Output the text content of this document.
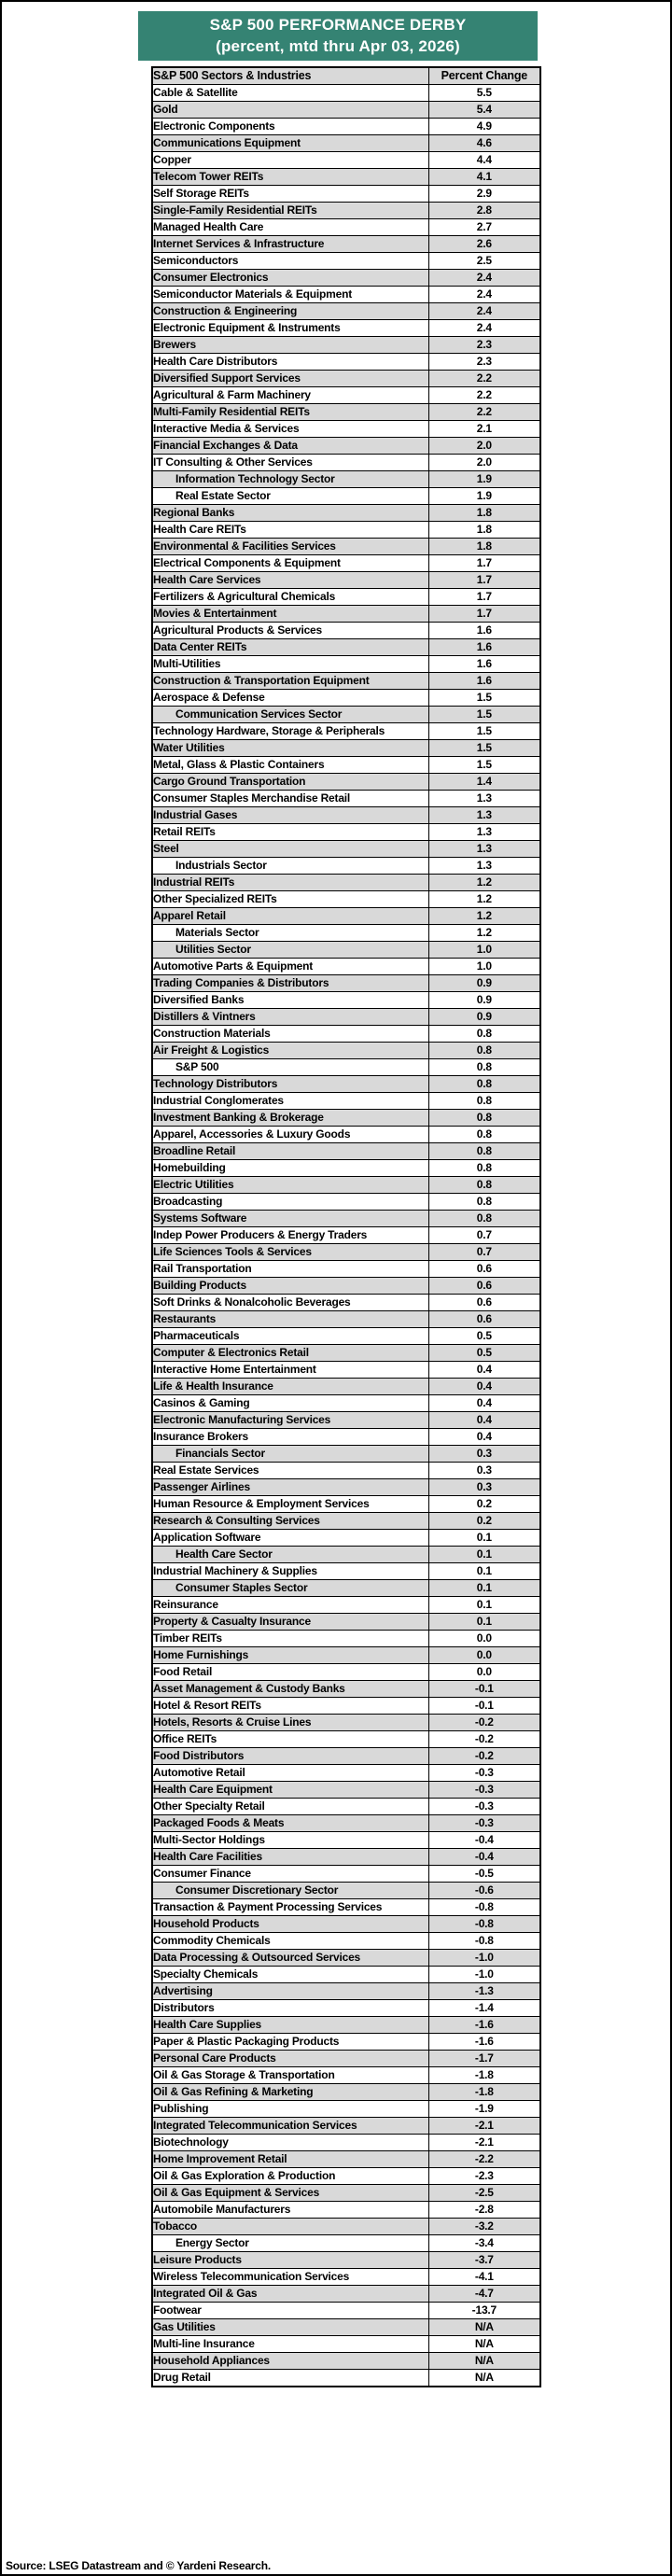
S&P 500 PERFORMANCE DERBY
(percent, mtd thru Apr 03, 2026)
S&P 500 Sectors & Industries	Percent Change
Cable & Satellite	5.5
Gold	5.4
Electronic Components	4.9
Communications Equipment	4.6
Copper	4.4
Telecom Tower REITs	4.1
Self Storage REITs	2.9
Single-Family Residential REITs	2.8
Managed Health Care	2.7
Internet Services & Infrastructure	2.6
Semiconductors	2.5
Consumer Electronics	2.4
Semiconductor Materials & Equipment	2.4
Construction & Engineering	2.4
Electronic Equipment & Instruments	2.4
Brewers	2.3
Health Care Distributors	2.3
Diversified Support Services	2.2
Agricultural & Farm Machinery	2.2
Multi-Family Residential REITs	2.2
Interactive Media & Services	2.1
Financial Exchanges & Data	2.0
IT Consulting & Other Services	2.0
Information Technology Sector	1.9
Real Estate Sector	1.9
Regional Banks	1.8
Health Care REITs	1.8
Environmental & Facilities Services	1.8
Electrical Components & Equipment	1.7
Health Care Services	1.7
Fertilizers & Agricultural Chemicals	1.7
Movies & Entertainment	1.7
Agricultural Products & Services	1.6
Data Center REITs	1.6
Multi-Utilities	1.6
Construction & Transportation Equipment	1.6
Aerospace & Defense	1.5
Communication Services Sector	1.5
Technology Hardware, Storage & Peripherals	1.5
Water Utilities	1.5
Metal, Glass & Plastic Containers	1.5
Cargo Ground Transportation	1.4
Consumer Staples Merchandise Retail	1.3
Industrial Gases	1.3
Retail REITs	1.3
Steel	1.3
Industrials Sector	1.3
Industrial REITs	1.2
Other Specialized REITs	1.2
Apparel Retail	1.2
Materials Sector	1.2
Utilities Sector	1.0
Automotive Parts & Equipment	1.0
Trading Companies & Distributors	0.9
Diversified Banks	0.9
Distillers & Vintners	0.9
Construction Materials	0.8
Air Freight & Logistics	0.8
S&P 500	0.8
Technology Distributors	0.8
Industrial Conglomerates	0.8
Investment Banking & Brokerage	0.8
Apparel, Accessories & Luxury Goods	0.8
Broadline Retail	0.8
Homebuilding	0.8
Electric Utilities	0.8
Broadcasting	0.8
Systems Software	0.8
Indep Power Producers & Energy Traders	0.7
Life Sciences Tools & Services	0.7
Rail Transportation	0.6
Building Products	0.6
Soft Drinks & Nonalcoholic Beverages	0.6
Restaurants	0.6
Pharmaceuticals	0.5
Computer & Electronics Retail	0.5
Interactive Home Entertainment	0.4
Life & Health Insurance	0.4
Casinos & Gaming	0.4
Electronic Manufacturing Services	0.4
Insurance Brokers	0.4
Financials Sector	0.3
Real Estate Services	0.3
Passenger Airlines	0.3
Human Resource & Employment Services	0.2
Research & Consulting Services	0.2
Application Software	0.1
Health Care Sector	0.1
Industrial Machinery & Supplies	0.1
Consumer Staples Sector	0.1
Reinsurance	0.1
Property & Casualty Insurance	0.1
Timber REITs	0.0
Home Furnishings	0.0
Food Retail	0.0
Asset Management & Custody Banks	-0.1
Hotel & Resort REITs	-0.1
Hotels, Resorts & Cruise Lines	-0.2
Office REITs	-0.2
Food Distributors	-0.2
Automotive Retail	-0.3
Health Care Equipment	-0.3
Other Specialty Retail	-0.3
Packaged Foods & Meats	-0.3
Multi-Sector Holdings	-0.4
Health Care Facilities	-0.4
Consumer Finance	-0.5
Consumer Discretionary Sector	-0.6
Transaction & Payment Processing Services	-0.8
Household Products	-0.8
Commodity Chemicals	-0.8
Data Processing & Outsourced Services	-1.0
Specialty Chemicals	-1.0
Advertising	-1.3
Distributors	-1.4
Health Care Supplies	-1.6
Paper & Plastic Packaging Products	-1.6
Personal Care Products	-1.7
Oil & Gas Storage & Transportation	-1.8
Oil & Gas Refining & Marketing	-1.8
Publishing	-1.9
Integrated Telecommunication Services	-2.1
Biotechnology	-2.1
Home Improvement Retail	-2.2
Oil & Gas Exploration & Production	-2.3
Oil & Gas Equipment & Services	-2.5
Automobile Manufacturers	-2.8
Tobacco	-3.2
Energy Sector	-3.4
Leisure Products	-3.7
Wireless Telecommunication Services	-4.1
Integrated Oil & Gas	-4.7
Footwear	-13.7
Gas Utilities	N/A
Multi-line Insurance	N/A
Household Appliances	N/A
Drug Retail	N/A
Source: LSEG Datastream and © Yardeni Research.
